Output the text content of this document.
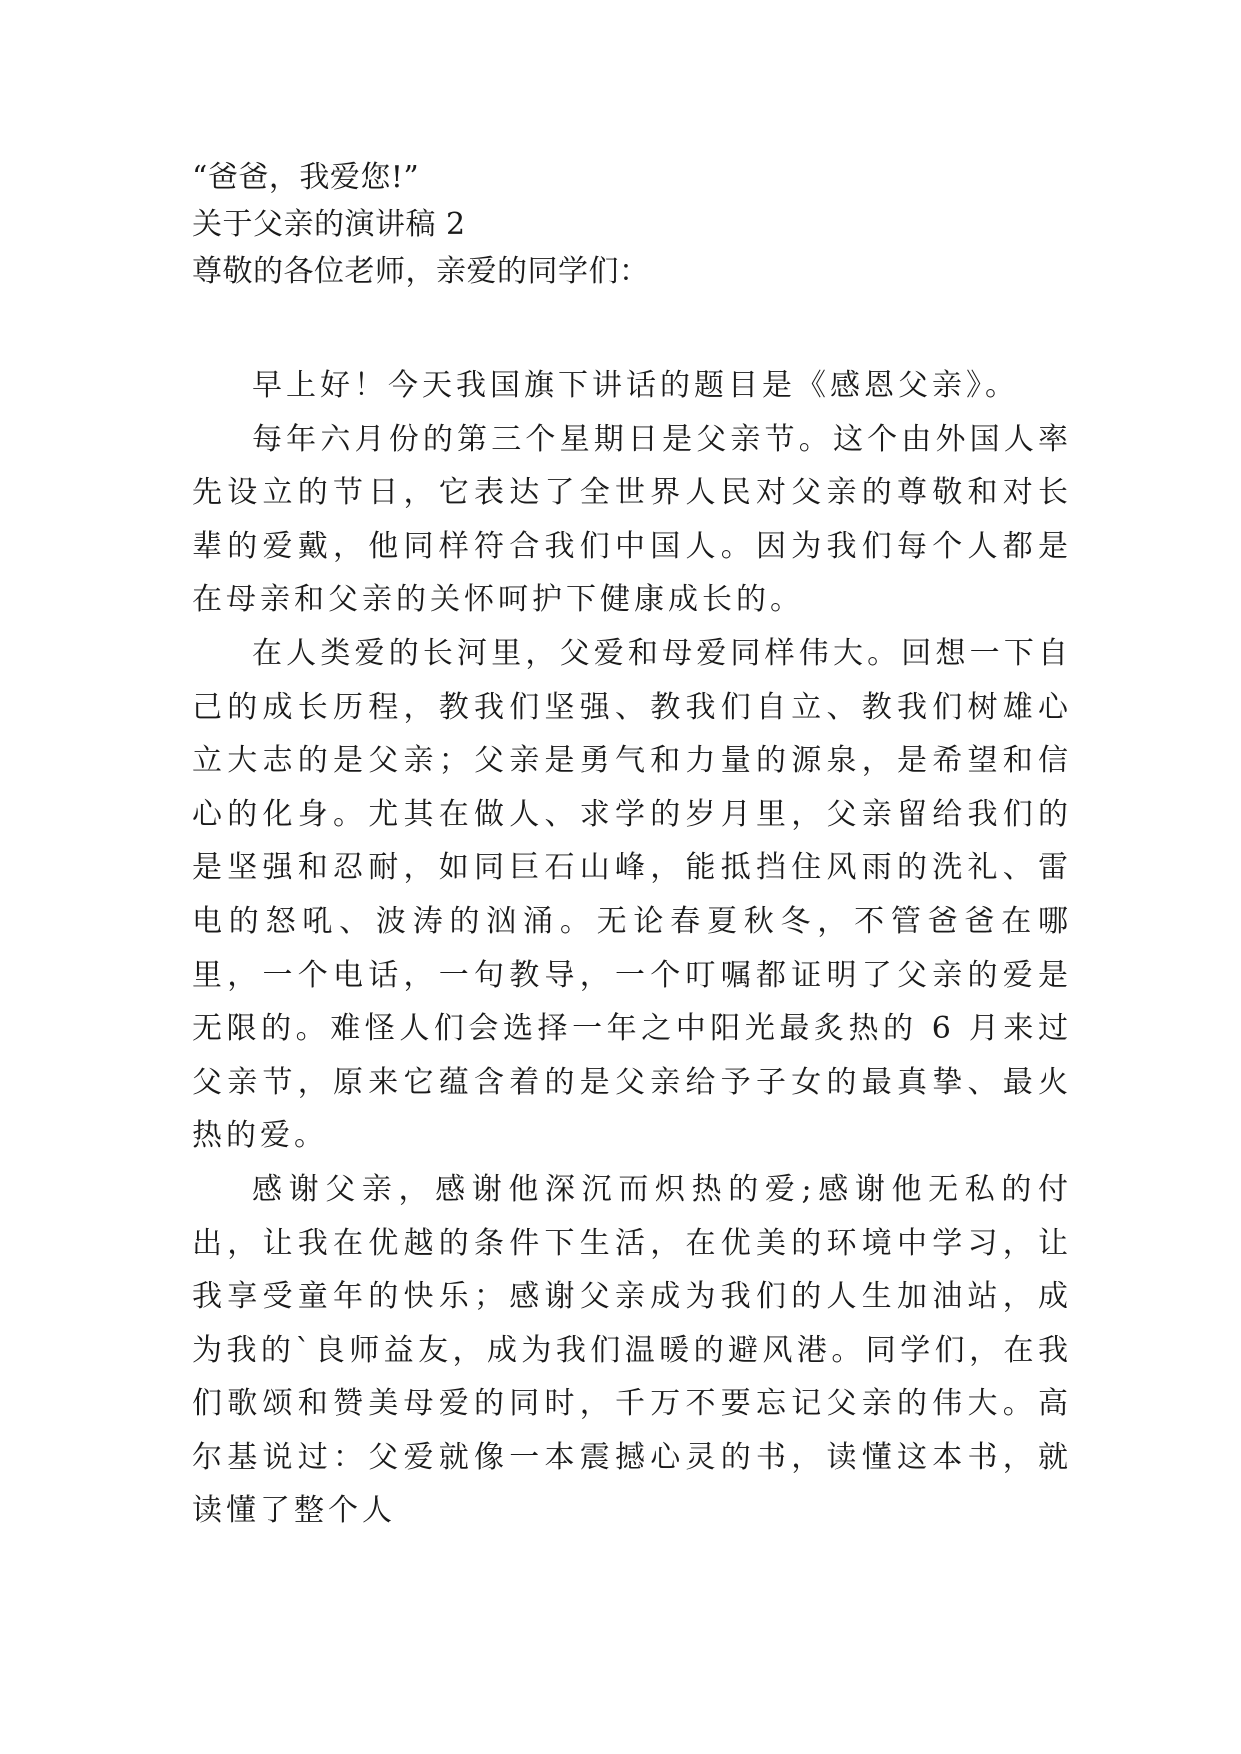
“爸爸，我爱您!”
关于父亲的演讲稿 2
尊敬的各位老师，亲爱的同学们：

早上好！今天我国旗下讲话的题目是《感恩父亲》。

每年六月份的第三个星期日是父亲节。这个由外国人率先设立的节日，它表达了全世界人民对父亲的尊敬和对长辈的爱戴，他同样符合我们中国人。因为我们每个人都是在母亲和父亲的关怀呵护下健康成长的。

在人类爱的长河里，父爱和母爱同样伟大。回想一下自己的成长历程，教我们坚强、教我们自立、教我们树雄心立大志的是父亲；父亲是勇气和力量的源泉，是希望和信心的化身。尤其在做人、求学的岁月里，父亲留给我们的是坚强和忍耐，如同巨石山峰，能抵挡住风雨的洗礼、雷电的怒吼、波涛的汹涌。无论春夏秋冬，不管爸爸在哪里，一个电话，一句教导，一个叮嘱都证明了父亲的爱是无限的。难怪人们会选择一年之中阳光最炙热的 6 月来过父亲节，原来它蕴含着的是父亲给予子女的最真挚、最火热的爱。

感谢父亲，感谢他深沉而炽热的爱;感谢他无私的付出，让我在优越的条件下生活，在优美的环境中学习，让我享受童年的快乐；感谢父亲成为我们的人生加油站，成为我的`良师益友，成为我们温暖的避风港。同学们，在我们歌颂和赞美母爱的同时，千万不要忘记父亲的伟大。高尔基说过：父爱就像一本震撼心灵的书，读懂这本书，就读懂了整个人
